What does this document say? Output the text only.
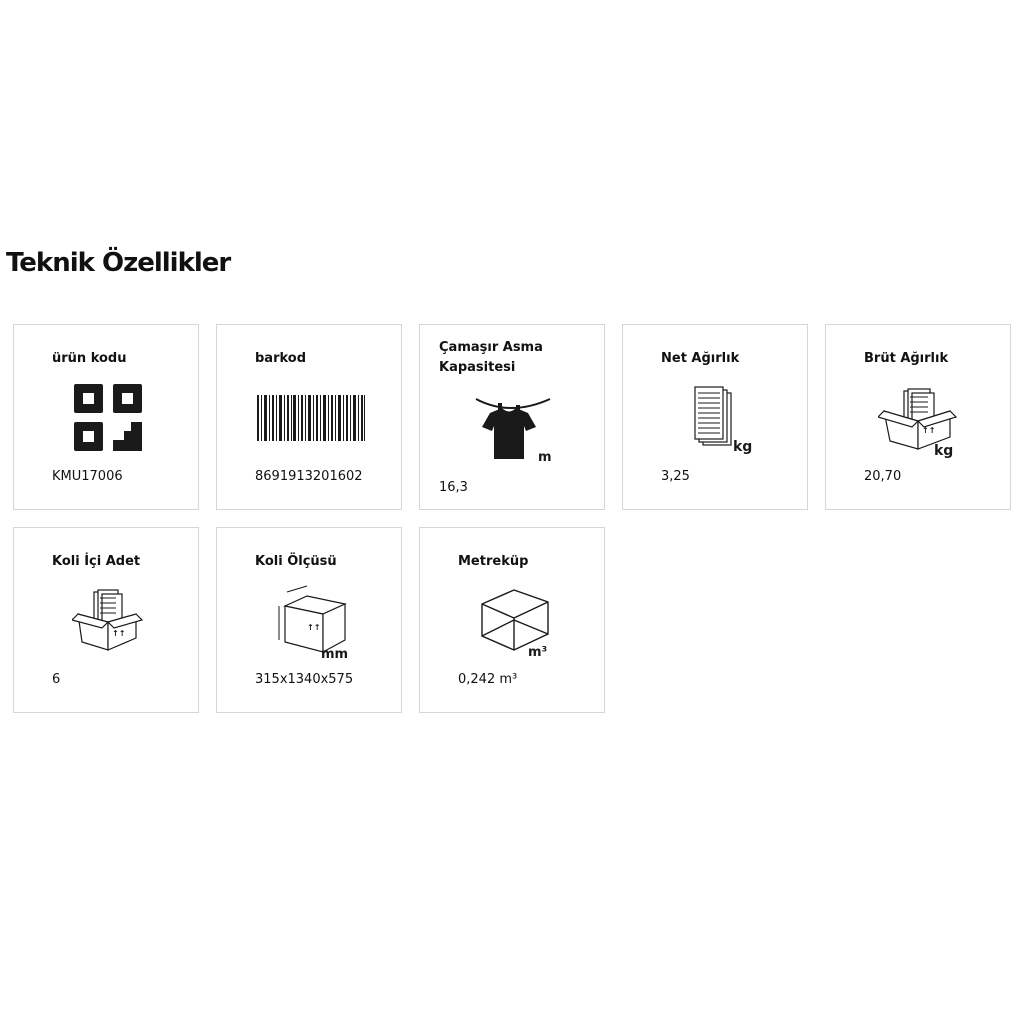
Teknik Özellikler
ürün kodu
KMU17006
barkod
8691913201602
Çamaşır Asma Kapasitesi
m
16,3
Net Ağırlık
kg
3,25
Brüt Ağırlık
↑↑
kg
20,70
Koli İçi Adet
↑↑
6
Koli Ölçüsü
↑↑
mm
315x1340x575
Metreküp
m³
0,242 m³
